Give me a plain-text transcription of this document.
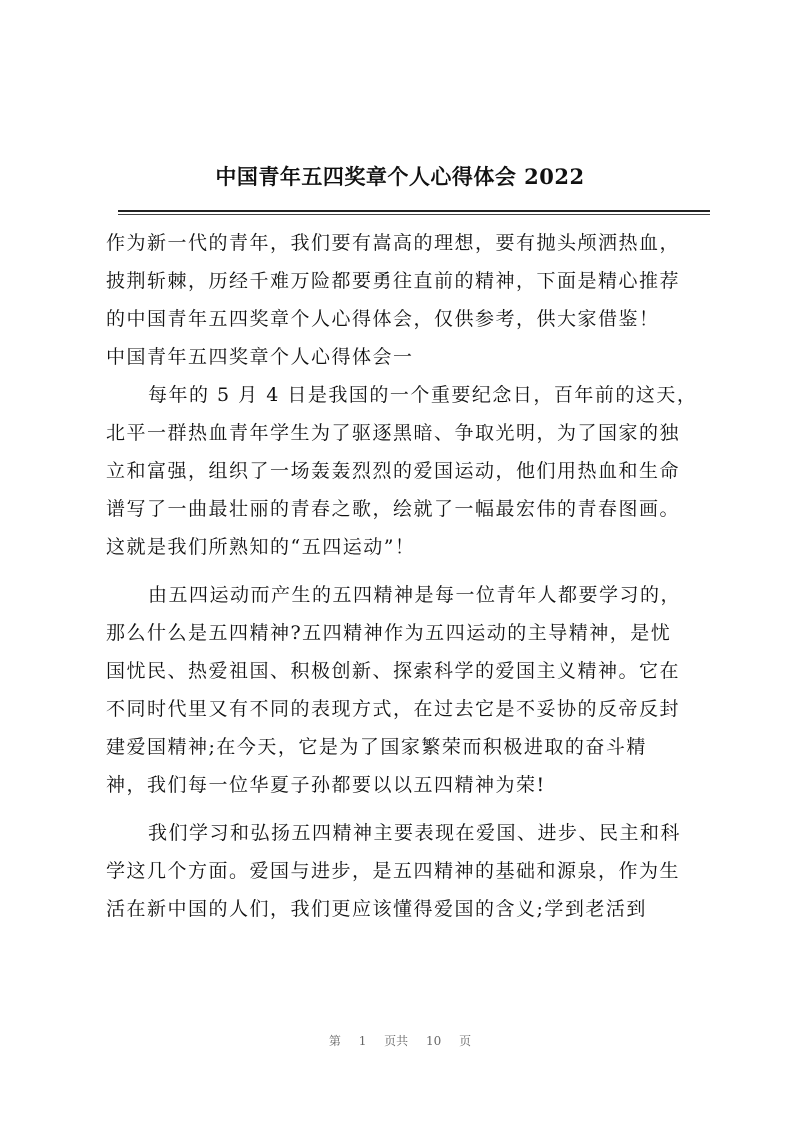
中国青年五四奖章个人心得体会 2022
作为新一代的青年，我们要有嵩高的理想，要有抛头颅洒热血，
披荆斩棘，历经千难万险都要勇往直前的精神，下面是精心推荐
的中国青年五四奖章个人心得体会，仅供参考，供大家借鉴！
中国青年五四奖章个人心得体会一
每年的 5 月 4 日是我国的一个重要纪念日，百年前的这天，
北平一群热血青年学生为了驱逐黑暗、争取光明，为了国家的独
立和富强，组织了一场轰轰烈烈的爱国运动，他们用热血和生命
谱写了一曲最壮丽的青春之歌，绘就了一幅最宏伟的青春图画。
这就是我们所熟知的“五四运动”！
由五四运动而产生的五四精神是每一位青年人都要学习的，
那么什么是五四精神?五四精神作为五四运动的主导精神，是忧
国忧民、热爱祖国、积极创新、探索科学的爱国主义精神。它在
不同时代里又有不同的表现方式，在过去它是不妥协的反帝反封
建爱国精神;在今天，它是为了国家繁荣而积极进取的奋斗精
神，我们每一位华夏子孙都要以以五四精神为荣!
我们学习和弘扬五四精神主要表现在爱国、进步、民主和科
学这几个方面。爱国与进步，是五四精神的基础和源泉，作为生
活在新中国的人们，我们更应该懂得爱国的含义;学到老活到
第 1 页共 10 页
